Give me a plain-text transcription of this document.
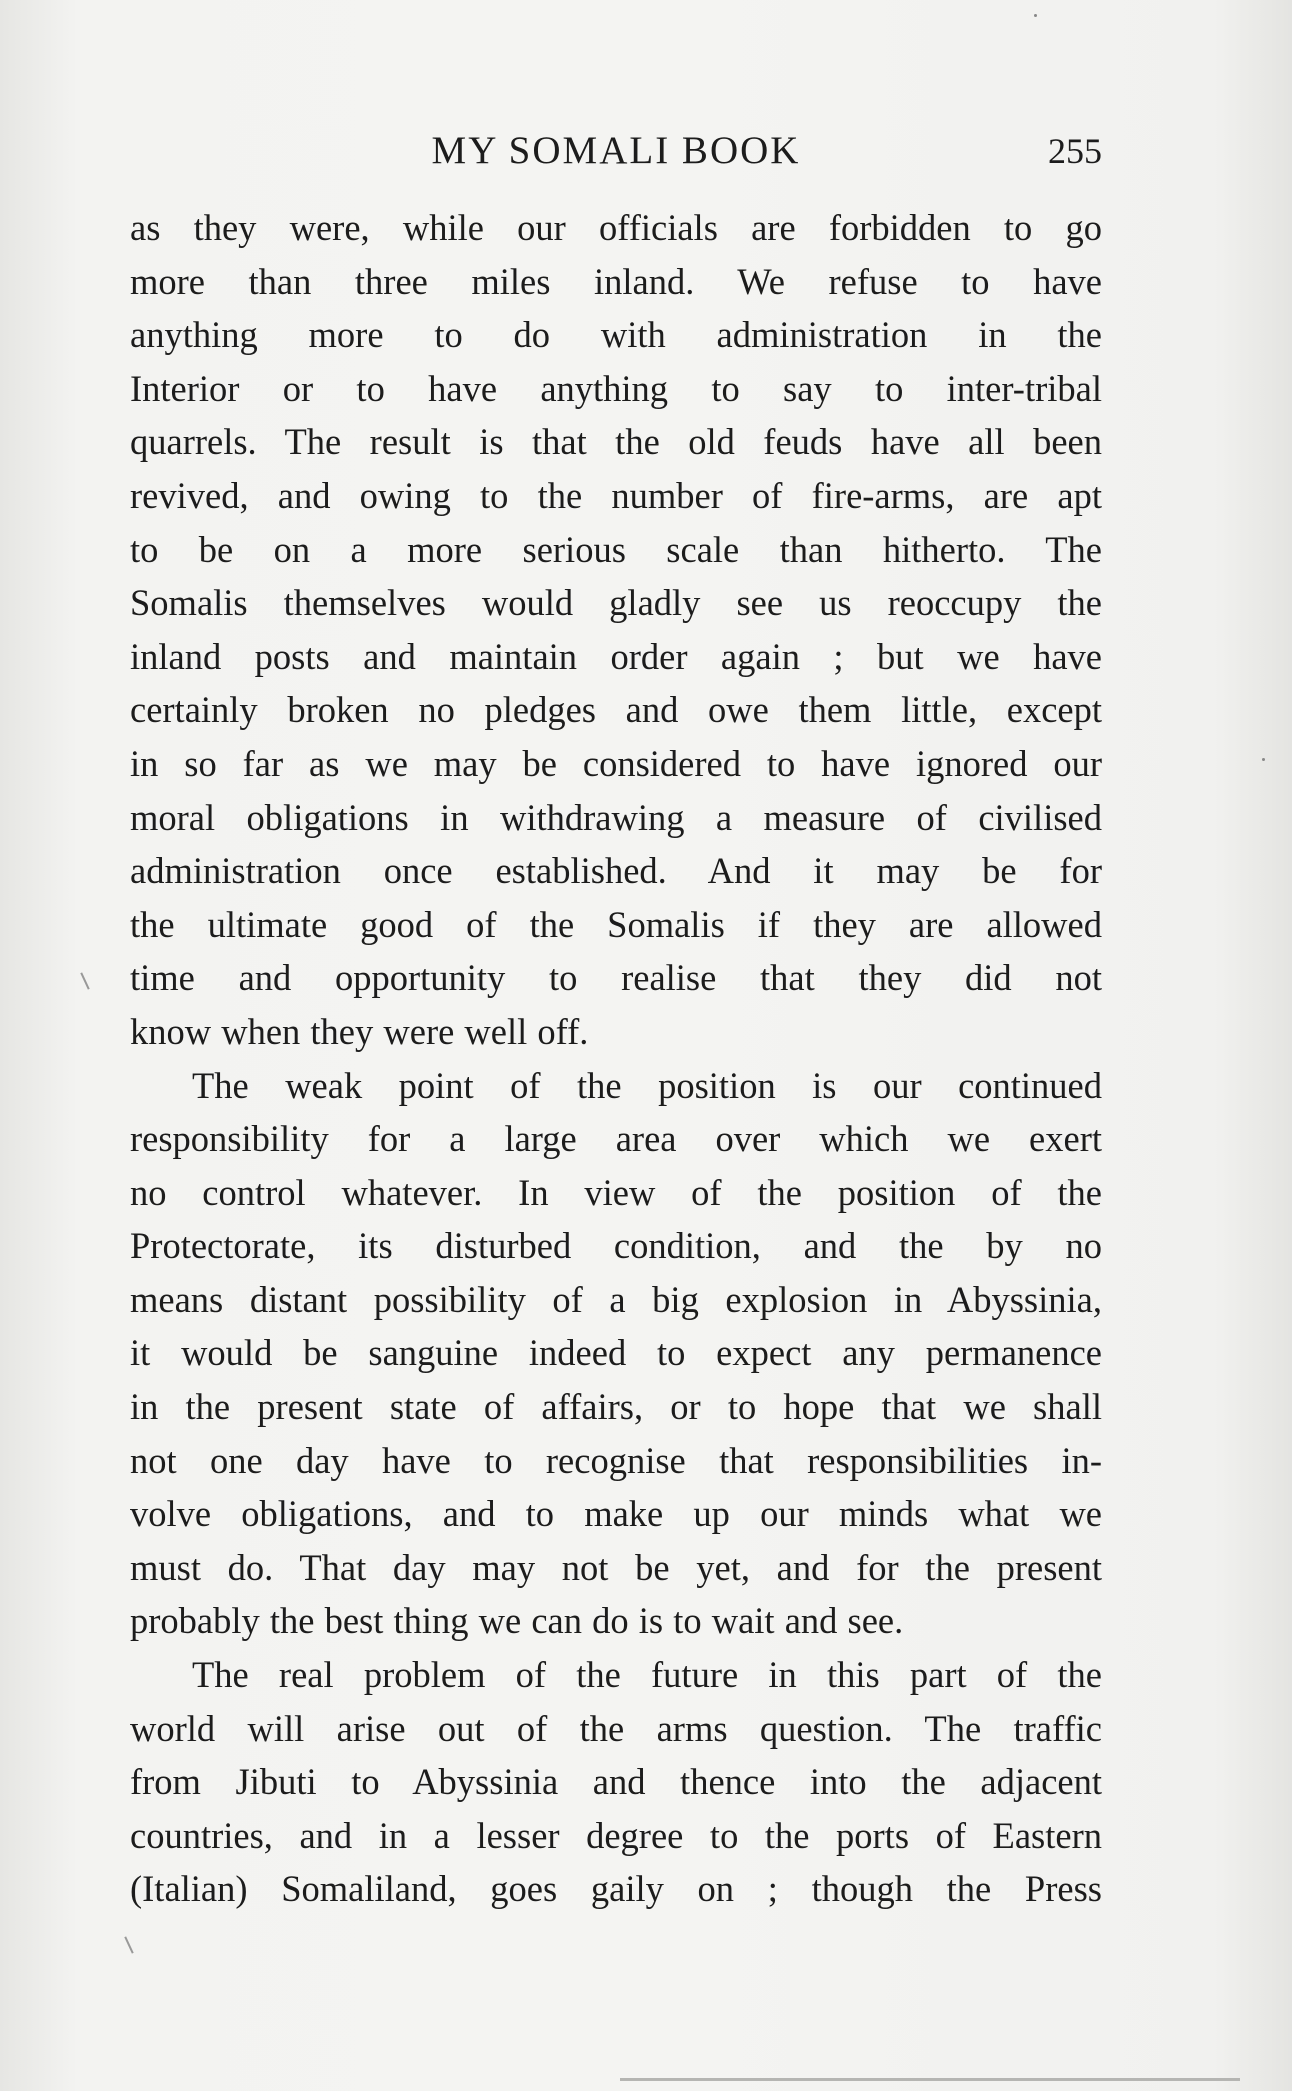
MY SOMALI BOOK	255
as they were, while our officials are forbidden to go
more than three miles inland. We refuse to have
anything more to do with administration in the
Interior or to have anything to say to inter-tribal
quarrels. The result is that the old feuds have all been
revived, and owing to the number of fire-arms, are apt
to be on a more serious scale than hitherto. The
Somalis themselves would gladly see us reoccupy the
inland posts and maintain order again ; but we have
certainly broken no pledges and owe them little, except
in so far as we may be considered to have ignored our
moral obligations in withdrawing a measure of civilised
administration once established. And it may be for
the ultimate good of the Somalis if they are allowed
time and opportunity to realise that they did not
know when they were well off.
The weak point of the position is our continued
responsibility for a large area over which we exert
no control whatever. In view of the position of the
Protectorate, its disturbed condition, and the by no
means distant possibility of a big explosion in Abyssinia,
it would be sanguine indeed to expect any permanence
in the present state of affairs, or to hope that we shall
not one day have to recognise that responsibilities in-
volve obligations, and to make up our minds what we
must do. That day may not be yet, and for the present
probably the best thing we can do is to wait and see.
The real problem of the future in this part of the
world will arise out of the arms question. The traffic
from Jibuti to Abyssinia and thence into the adjacent
countries, and in a lesser degree to the ports of Eastern
(Italian) Somaliland, goes gaily on ; though the Press
